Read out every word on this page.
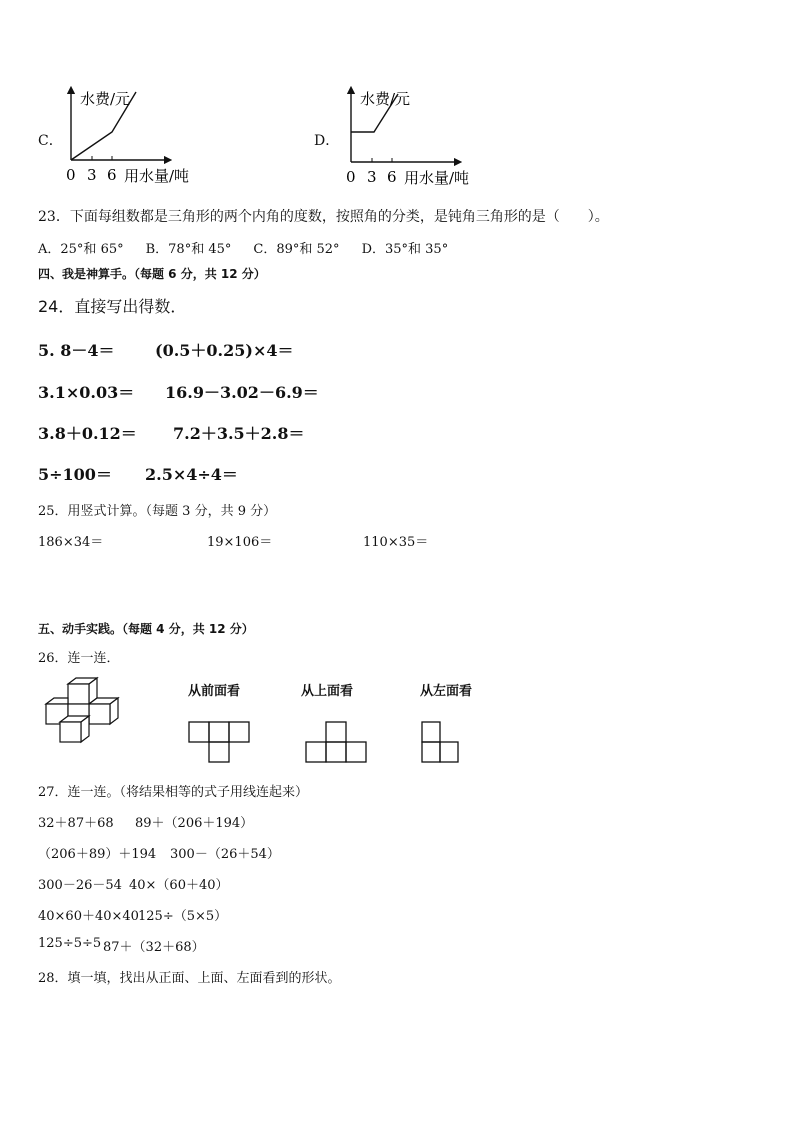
C．
水费/元
0 3 6 用水量/吨
D．
水费/元
0 3 6 用水量/吨
23．下面每组数都是三角形的两个内角的度数，按照角的分类，是钝角三角形的是（　　）。
A．25°和 65° B．78°和 45° C．89°和 52° D．35°和 35°
四、我是神算手。（每题 6 分，共 12 分）
24．直接写出得数．
5. 8－4＝	(0.5＋0.25)×4＝
3.1×0.03＝ 16.9－3.02－6.9＝
3.8＋0.12＝ 7.2＋3.5＋2.8＝
5÷100＝ 2.5×4÷4＝
25．用竖式计算。（每题 3 分，共 9 分）
186×34＝	19×106＝	110×35＝
五、动手实践。（每题 4 分，共 12 分）
26．连一连．
从前面看	从上面看	从左面看
27．连一连。（将结果相等的式子用线连起来）
32＋87＋68 89＋（206＋194）
（206＋89）＋194 300－（26＋54）
300－26－54 40×（60＋40）
40×60＋40×40 125÷（5×5）
125÷5÷5 87＋（32＋68）
28．填一填，找出从正面、上面、左面看到的形状。
